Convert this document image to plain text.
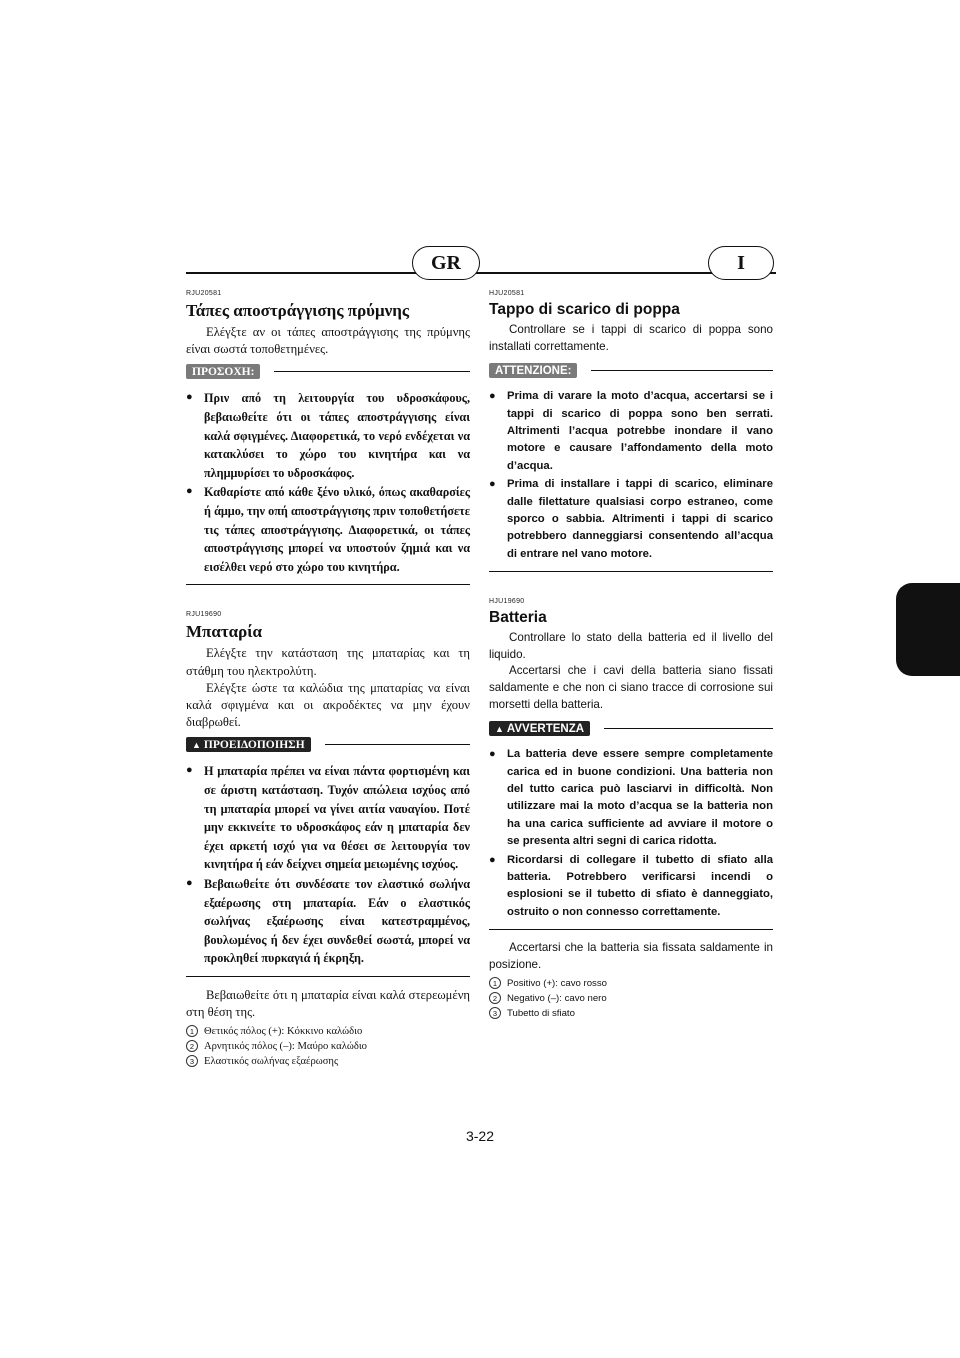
GR	I
RJU20581
Τάπες αποστράγγισης πρύμνης

Ελέγξτε αν οι τάπες αποστράγγισης της πρύμνης είναι σωστά τοποθετημένες.

ΠΡΟΣΟΧΗ:
● Πριν από τη λειτουργία του υδροσκάφους, βεβαιωθείτε ότι οι τάπες αποστράγγισης είναι καλά σφιγμένες. Διαφορετικά, το νερό ενδέχεται να κατακλύσει το χώρο του κινητήρα και να πλημμυρίσει το υδροσκάφος.
● Καθαρίστε από κάθε ξένο υλικό, όπως ακαθαρσίες ή άμμο, την οπή αποστράγγισης πριν τοποθετήσετε τις τάπες αποστράγγισης. Διαφορετικά, οι τάπες αποστράγγισης μπορεί να υποστούν ζημιά και να εισέλθει νερό στο χώρο του κινητήρα.
RJU19690
Μπαταρία

Ελέγξτε την κατάσταση της μπαταρίας και τη στάθμη του ηλεκτρολύτη.

Ελέγξτε ώστε τα καλώδια της μπαταρίας να είναι καλά σφιγμένα και οι ακροδέκτες να μην έχουν διαβρωθεί.

▲ ΠΡΟΕΙΔΟΠΟΙΗΣΗ
● Η μπαταρία πρέπει να είναι πάντα φορτισμένη και σε άριστη κατάσταση. Τυχόν απώλεια ισχύος από τη μπαταρία μπορεί να γίνει αιτία ναυαγίου. Ποτέ μην εκκινείτε το υδροσκάφος εάν η μπαταρία δεν έχει αρκετή ισχύ για να θέσει σε λειτουργία τον κινητήρα ή εάν δείχνει σημεία μειωμένης ισχύος.
● Βεβαιωθείτε ότι συνδέσατε τον ελαστικό σωλήνα εξαέρωσης στη μπαταρία. Εάν ο ελαστικός σωλήνας εξαέρωσης είναι κατεστραμμένος, βουλωμένος ή δεν έχει συνδεθεί σωστά, μπορεί να προκληθεί πυρκαγιά ή έκρηξη.

Βεβαιωθείτε ότι η μπαταρία είναι καλά στερεωμένη στη θέση της.

1 Θετικός πόλος (+): Κόκκινο καλώδιο
2 Αρνητικός πόλος (–): Μαύρο καλώδιο
3 Ελαστικός σωλήνας εξαέρωσης
HJU20581
Tappo di scarico di poppa

Controllare se i tappi di scarico di poppa sono installati correttamente.

ATTENZIONE:
●	Prima di varare la moto d’acqua, accertarsi se i tappi di scarico di poppa sono ben serrati. Altrimenti l’acqua potrebbe inondare il vano motore e causare l’affondamento della moto d’acqua.
●	Prima di installare i tappi di scarico, eliminare dalle filettature qualsiasi corpo estraneo, come sporco o sabbia. Altrimenti i tappi di scarico potrebbero danneggiarsi consentendo all’acqua di entrare nel vano motore.
HJU19690
Batteria

Controllare lo stato della batteria ed il livello del liquido.

Accertarsi che i cavi della batteria siano fissati saldamente e che non ci siano tracce di corrosione sui morsetti della batteria.

▲ AVVERTENZA
●	La batteria deve essere sempre completamente carica ed in buone condizioni. Una batteria non del tutto carica può lasciarvi in difficoltà. Non utilizzare mai la moto d’acqua se la batteria non ha una carica sufficiente ad avviare il motore o se presenta altri segni di carica ridotta.
●	Ricordarsi di collegare il tubetto di sfiato alla batteria. Potrebbero verificarsi incendi o esplosioni se il tubetto di sfiato è danneggiato, ostruito o non connesso correttamente.

Accertarsi che la batteria sia fissata saldamente in posizione.

1	Positivo (+): cavo rosso
2	Negativo (–): cavo nero
3	Tubetto di sfiato
3-22
